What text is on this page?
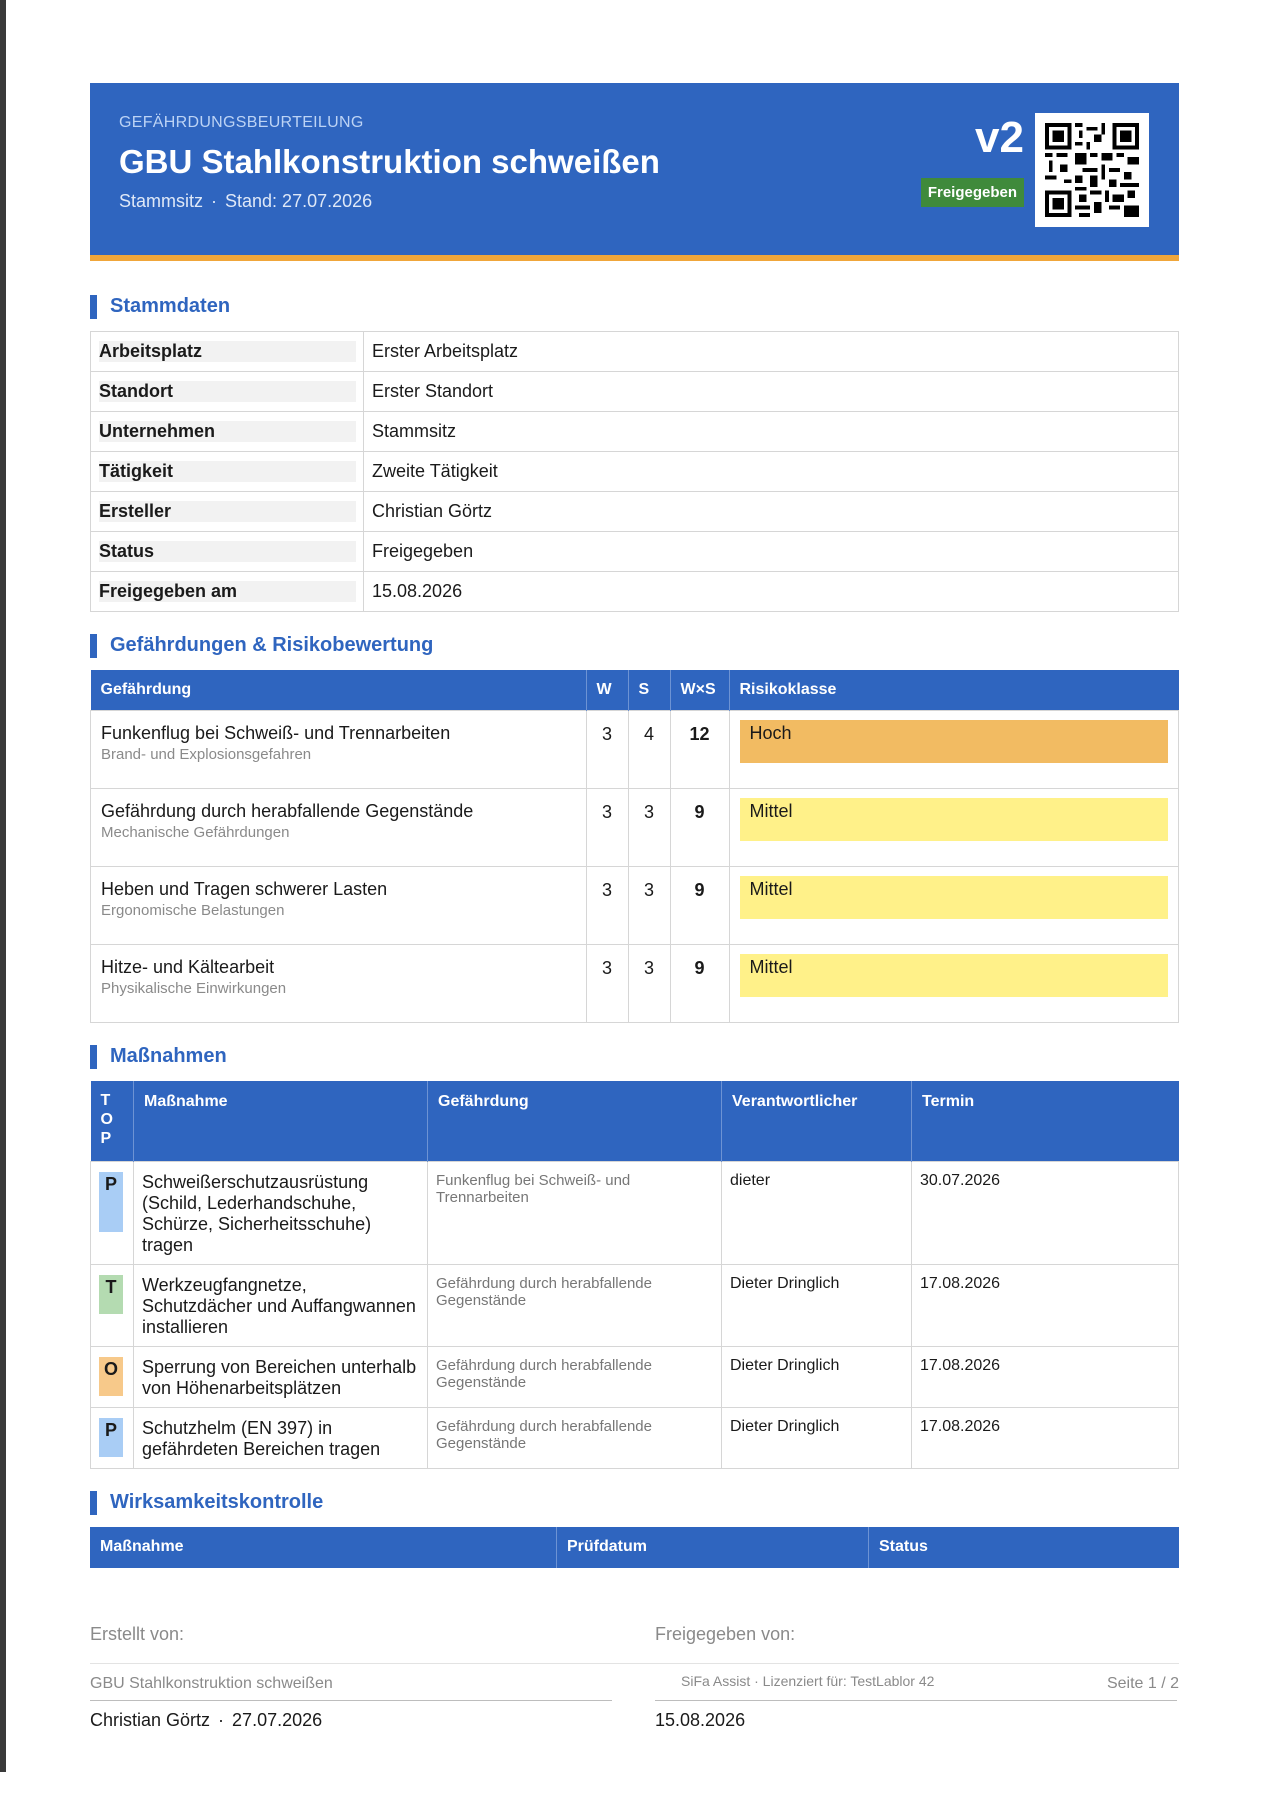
GEFÄHRDUNGSBEURTEILUNG
GBU Stahlkonstruktion schweißen
Stammsitz · Stand: 27.07.2026
v2
Freigegeben
Stammdaten
Arbeitsplatz	Erster Arbeitsplatz
Standort	Erster Standort
Unternehmen	Stammsitz
Tätigkeit	Zweite Tätigkeit
Ersteller	Christian Görtz
Status	Freigegeben
Freigegeben am	15.08.2026
Gefährdungen & Risikobewertung
Gefährdung	W	S	W×S	Risikoklasse

Funkenflug bei Schweiß- und Trennarbeiten
Brand- und Explosionsgefahren	3	4	12	Hoch

Gefährdung durch herabfallende Gegenstände
Mechanische Gefährdungen	3	3	9	Mittel

Heben und Tragen schwerer Lasten
Ergonomische Belastungen	3	3	9	Mittel

Hitze- und Kältearbeit
Physikalische Einwirkungen	3	3	9	Mittel
Maßnahmen
T
O
P	Maßnahme	Gefährdung	Verantwortlicher	Termin

P	Schweißerschutzausrüstung (Schild, Lederhandschuhe, Schürze, Sicherheitsschuhe) tragen	Funkenflug bei Schweiß- und Trennarbeiten	dieter	30.07.2026

T	Werkzeugfangnetze, Schutzdächer und Auffangwannen installieren	Gefährdung durch herabfallende Gegenstände	Dieter Dringlich	17.08.2026

O	Sperrung von Bereichen unterhalb von Höhenarbeitsplätzen	Gefährdung durch herabfallende Gegenstände	Dieter Dringlich	17.08.2026

P	Schutzhelm (EN 397) in gefährdeten Bereichen tragen	Gefährdung durch herabfallende Gegenstände	Dieter Dringlich	17.08.2026
Wirksamkeitskontrolle
Maßnahme	Prüfdatum	Status
Erstellt von:
Christian Görtz · 27.07.2026
Freigegeben von:
15.08.2026
GBU Stahlkonstruktion schweißen	SiFa Assist · Lizenziert für: TestLablor 42	Seite 1 / 2
